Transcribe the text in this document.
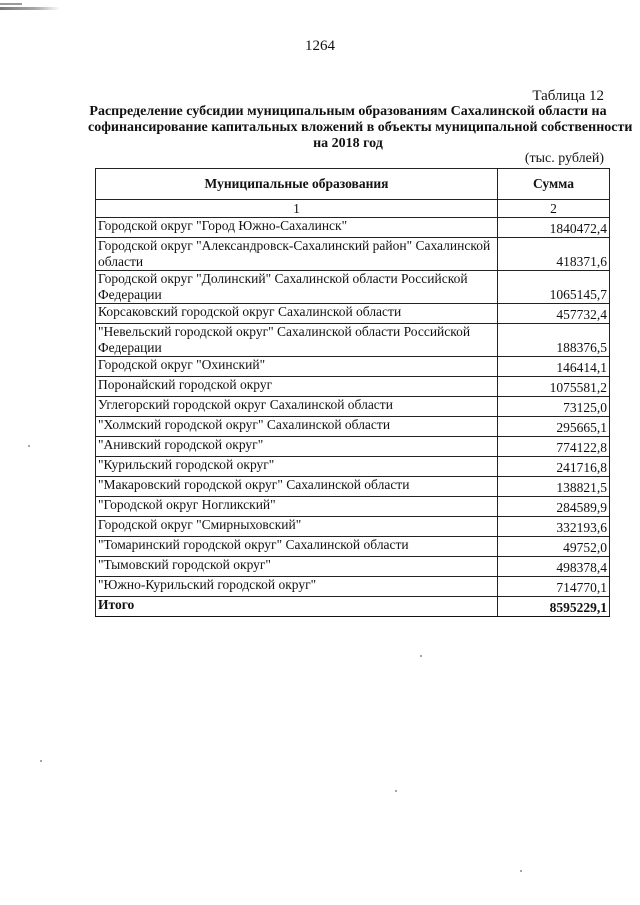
1264
Таблица 12
Распределение субсидии муниципальным образованиям Сахалинской области на
софинансирование капитальных вложений в объекты муниципальной собственности
на 2018 год
(тыс. рублей)
Муниципальные образования	Сумма
1	2
Городской округ "Город Южно-Сахалинск"	1840472,4
Городской округ "Александровск-Сахалинский район" Сахалинской области	418371,6
Городской округ "Долинский" Сахалинской области Российской Федерации	1065145,7
Корсаковский городской округ Сахалинской области	457732,4
"Невельский городской округ" Сахалинской области Российской Федерации	188376,5
Городской округ "Охинский"	146414,1
Поронайский городской округ	1075581,2
Углегорский городской округ Сахалинской области	73125,0
"Холмский городской округ" Сахалинской области	295665,1
"Анивский городской округ"	774122,8
"Курильский городской округ"	241716,8
"Макаровский городской округ" Сахалинской области	138821,5
"Городской округ Ногликский"	284589,9
Городской округ "Смирныховский"	332193,6
"Томаринский городской округ" Сахалинской области	49752,0
"Тымовский городской округ"	498378,4
"Южно-Курильский городской округ"	714770,1
Итого	8595229,1
